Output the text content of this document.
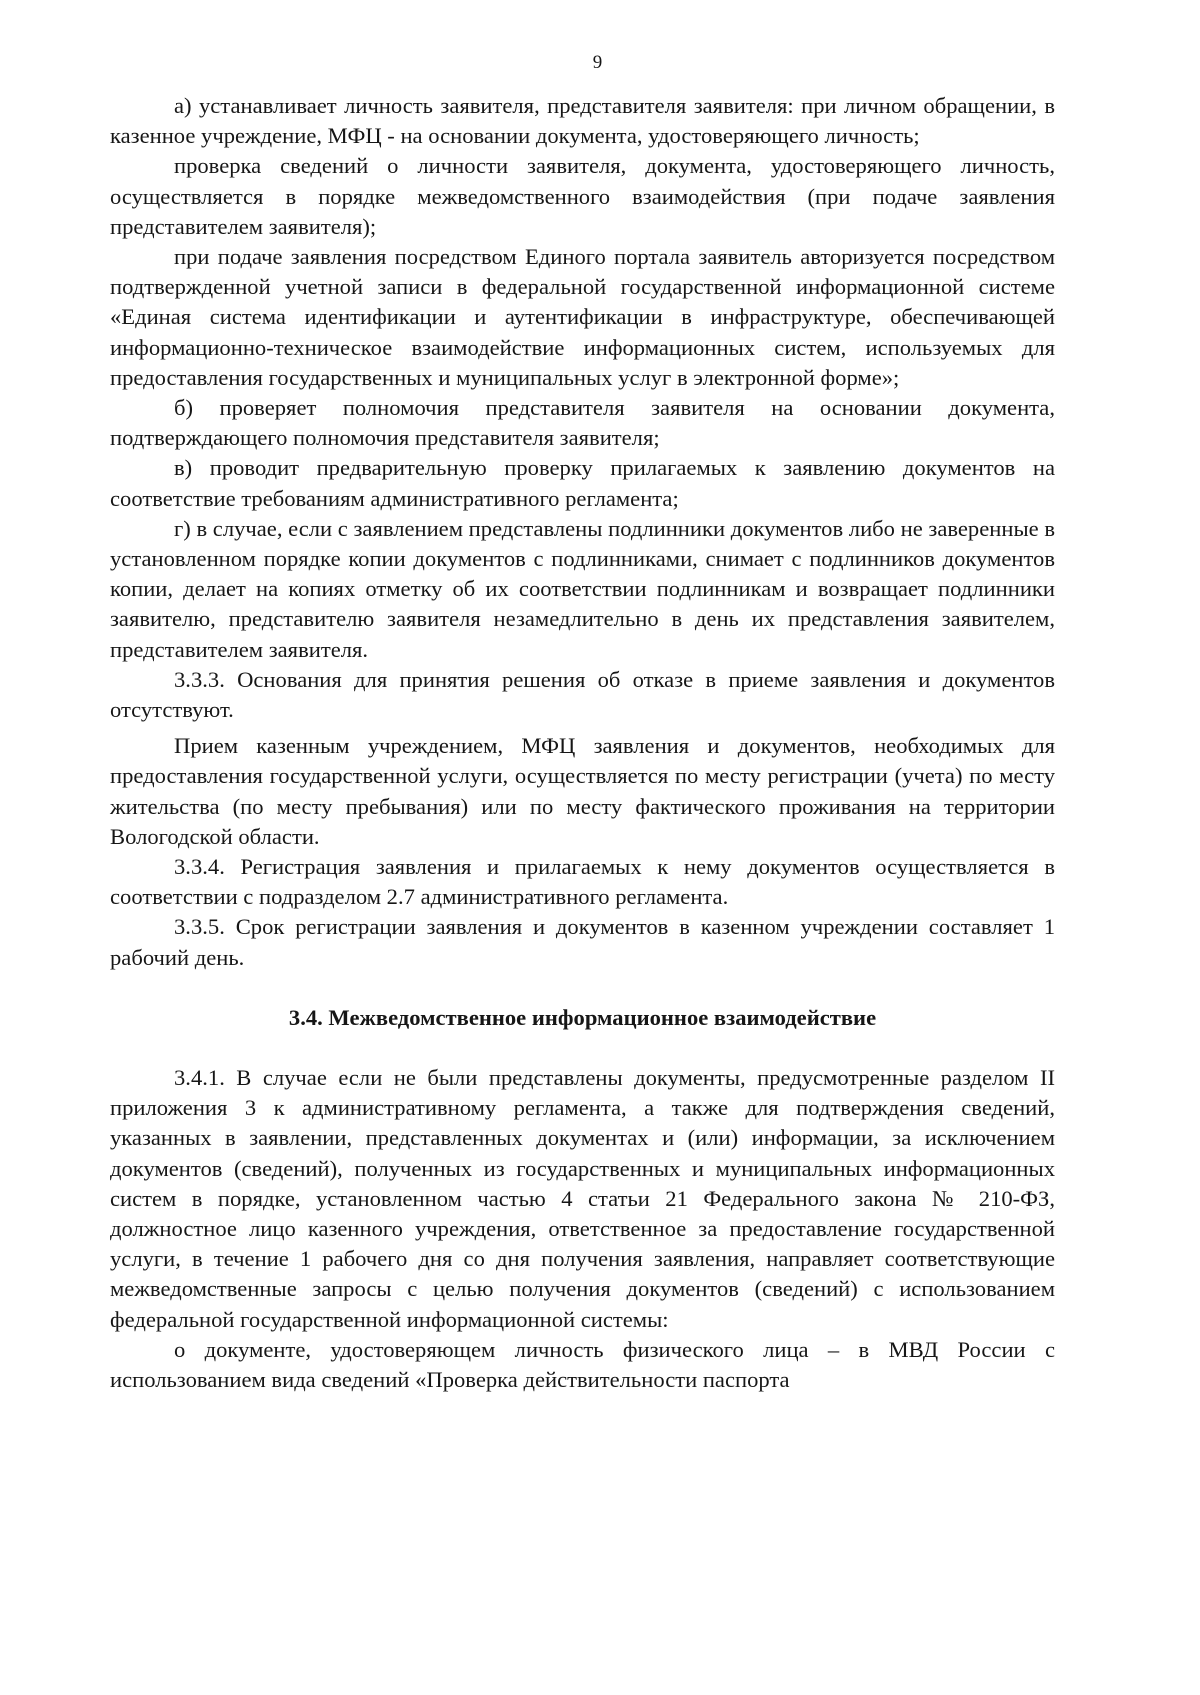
9

а) устанавливает личность заявителя, представителя заявителя: при личном обращении, в казенное учреждение, МФЦ - на основании документа, удостоверяющего личность;

проверка сведений о личности заявителя, документа, удостоверяющего личность, осуществляется в порядке межведомственного взаимодействия (при подаче заявления представителем заявителя);

при подаче заявления посредством Единого портала заявитель авторизуется посредством подтвержденной учетной записи в федеральной государственной информационной системе «Единая система идентификации и аутентификации в инфраструктуре, обеспечивающей информационно-техническое взаимодействие информационных систем, используемых для предоставления государственных и муниципальных услуг в электронной форме»;

б) проверяет полномочия представителя заявителя на основании документа, подтверждающего полномочия представителя заявителя;

в) проводит предварительную проверку прилагаемых к заявлению документов на соответствие требованиям административного регламента;

г) в случае, если с заявлением представлены подлинники документов либо не заверенные в установленном порядке копии документов с подлинниками, снимает с подлинников документов копии, делает на копиях отметку об их соответствии подлинникам и возвращает подлинники заявителю, представителю заявителя незамедлительно в день их представления заявителем, представителем заявителя.

3.3.3. Основания для принятия решения об отказе в приеме заявления и документов отсутствуют.

Прием казенным учреждением, МФЦ заявления и документов, необходимых для предоставления государственной услуги, осуществляется по месту регистрации (учета) по месту жительства (по месту пребывания) или по месту фактического проживания на территории Вологодской области.

3.3.4. Регистрация заявления и прилагаемых к нему документов осуществляется в соответствии с подразделом 2.7 административного регламента.

3.3.5. Срок регистрации заявления и документов в казенном учреждении составляет 1 рабочий день.

3.4. Межведомственное информационное взаимодействие

3.4.1. В случае если не были представлены документы, предусмотренные разделом II приложения 3 к административному регламента, а также для подтверждения сведений, указанных в заявлении, представленных документах и (или) информации, за исключением документов (сведений), полученных из государственных и муниципальных информационных систем в порядке, установленном частью 4 статьи 21 Федерального закона № 210-ФЗ, должностное лицо казенного учреждения, ответственное за предоставление государственной услуги, в течение 1 рабочего дня со дня получения заявления, направляет соответствующие межведомственные запросы с целью получения документов (сведений) с использованием федеральной государственной информационной системы:

о документе, удостоверяющем личность физического лица – в МВД России с использованием вида сведений «Проверка действительности паспорта
